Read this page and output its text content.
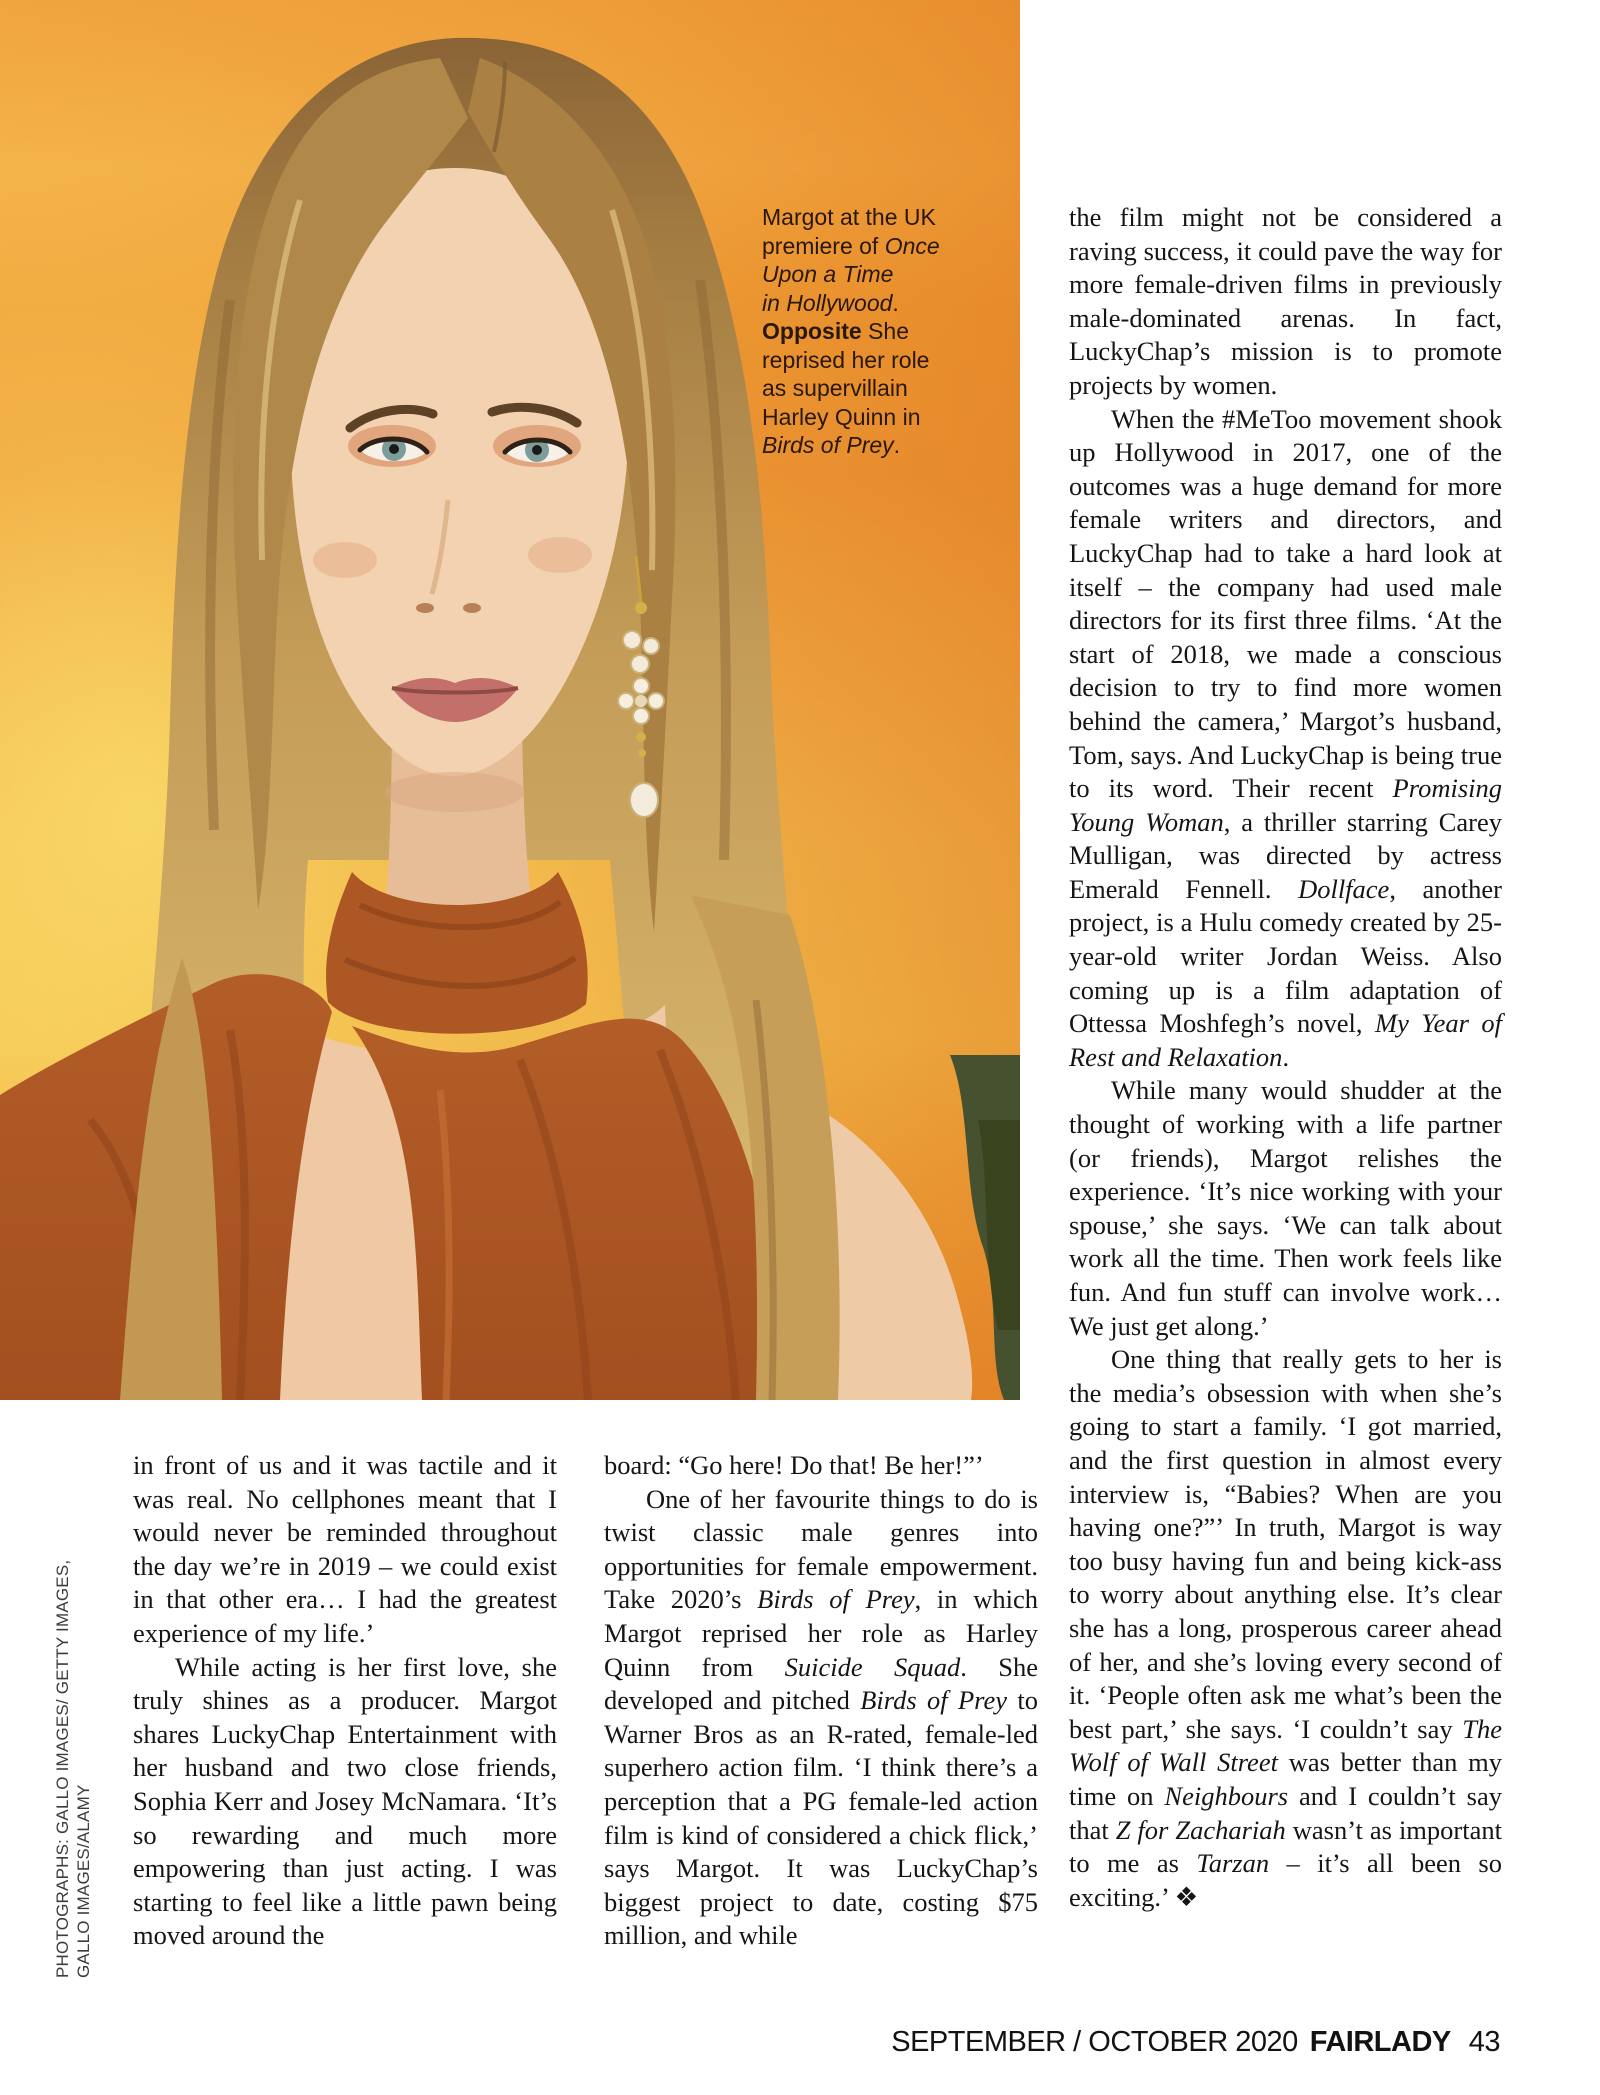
Margot at the UK
premiere of Once
Upon a Time
in Hollywood.
Opposite She
reprised her role
as supervillain
Harley Quinn in
Birds of Prey.

in front of us and it was tactile and it was real. No cellphones meant that I would never be reminded throughout the day we’re in 2019 – we could exist in that other era… I had the greatest experience of my life.’

While acting is her first love, she truly shines as a producer. Margot shares LuckyChap Entertainment with her husband and two close friends, Sophia Kerr and Josey McNamara. ‘It’s so rewarding and much more empowering than just acting. I was starting to feel like a little pawn being moved around the

board: “Go here! Do that! Be her!”’

One of her favourite things to do is twist classic male genres into opportunities for female empowerment. Take 2020’s Birds of Prey, in which Margot reprised her role as Harley Quinn from Suicide Squad. She developed and pitched Birds of Prey to Warner Bros as an R-rated, female-led superhero action film. ‘I think there’s a perception that a PG female-led action film is kind of considered a chick flick,’ says Margot. It was LuckyChap’s biggest project to date, costing $75 million, and while

the film might not be considered a raving success, it could pave the way for more female-driven films in previously male-dominated arenas. In fact, LuckyChap’s mission is to promote projects by women.

When the #MeToo movement shook up Hollywood in 2017, one of the outcomes was a huge demand for more female writers and directors, and LuckyChap had to take a hard look at itself – the company had used male directors for its first three films. ‘At the start of 2018, we made a conscious decision to try to find more women behind the camera,’ Margot’s husband, Tom, says. And LuckyChap is being true to its word. Their recent Promising Young Woman, a thriller starring Carey Mulligan, was directed by actress Emerald Fennell. Dollface, another project, is a Hulu comedy created by 25-year-old writer Jordan Weiss. Also coming up is a film adaptation of Ottessa Moshfegh’s novel, My Year of Rest and Relaxation.

While many would shudder at the thought of working with a life partner (or friends), Margot relishes the experience. ‘It’s nice working with your spouse,’ she says. ‘We can talk about work all the time. Then work feels like fun. And fun stuff can involve work… We just get along.’

One thing that really gets to her is the media’s obsession with when she’s going to start a family. ‘I got married, and the first question in almost every interview is, “Babies? When are you having one?”’ In truth, Margot is way too busy having fun and being kick-ass to worry about anything else. It’s clear she has a long, prosperous career ahead of her, and she’s loving every second of it. ‘People often ask me what’s been the best part,’ she says. ‘I couldn’t say The Wolf of Wall Street was better than my time on Neighbours and I couldn’t say that Z for Zachariah wasn’t as important to me as Tarzan – it’s all been so exciting.’ ❖

SEPTEMBER / OCTOBER 2020 FAIRLADY 43
PHOTOGRAPHS: GALLO IMAGES/ GETTY IMAGES, GALLO IMAGES/ALAMY
